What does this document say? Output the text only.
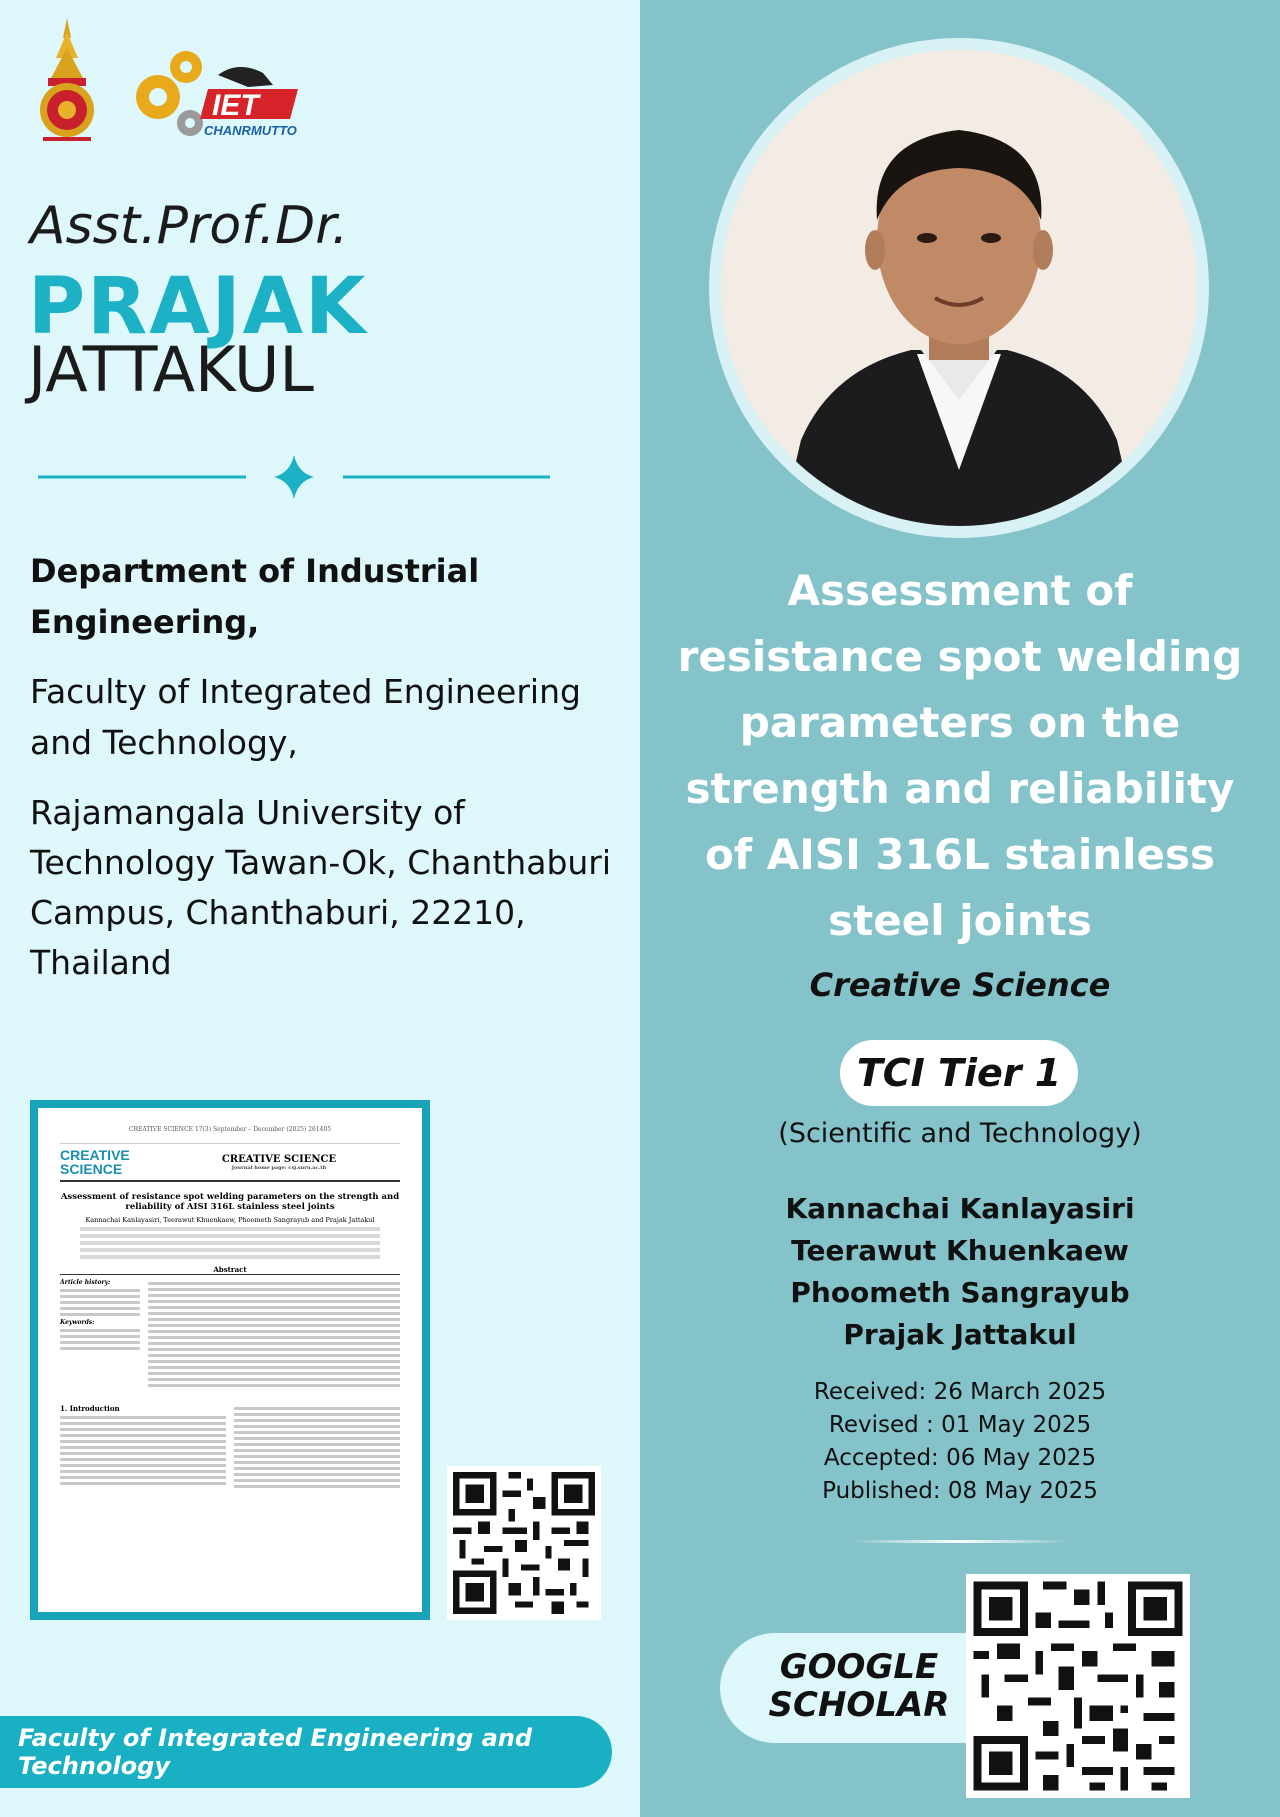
IET
CHANRMUTTO
Asst.Prof.Dr.
PRAJAK
JATTAKUL
Department of Industrial Engineering,
Faculty of Integrated Engineering and Technology,
Rajamangala University of Technology Tawan-Ok, Chanthaburi Campus, Chanthaburi, 22210, Thailand
CREATIVE SCIENCE 17(3) September – December (2025) 261405
CREATIVE
SCIENCE
CREATIVE SCIENCE
Journal home page: csj.snru.ac.th
Assessment of resistance spot welding parameters on the strength and reliability of AISI 316L stainless steel joints
Kannachai Kanlayasiri, Teerawut Khuenkaew, Phoometh Sangrayub and Prajak Jattakul
Abstract
Article history:
Keywords:
1. Introduction
Faculty of Integrated Engineering and Technology
Assessment of resistance spot welding parameters on the strength and reliability of AISI 316L stainless steel joints
Creative Science
TCI Tier 1
(Scientific and Technology)
Kannachai Kanlayasiri
Teerawut Khuenkaew
Phoometh Sangrayub
Prajak Jattakul
Received: 26 March 2025
Revised : 01 May 2025
Accepted: 06 May 2025
Published: 08 May 2025
GOOGLE
SCHOLAR
